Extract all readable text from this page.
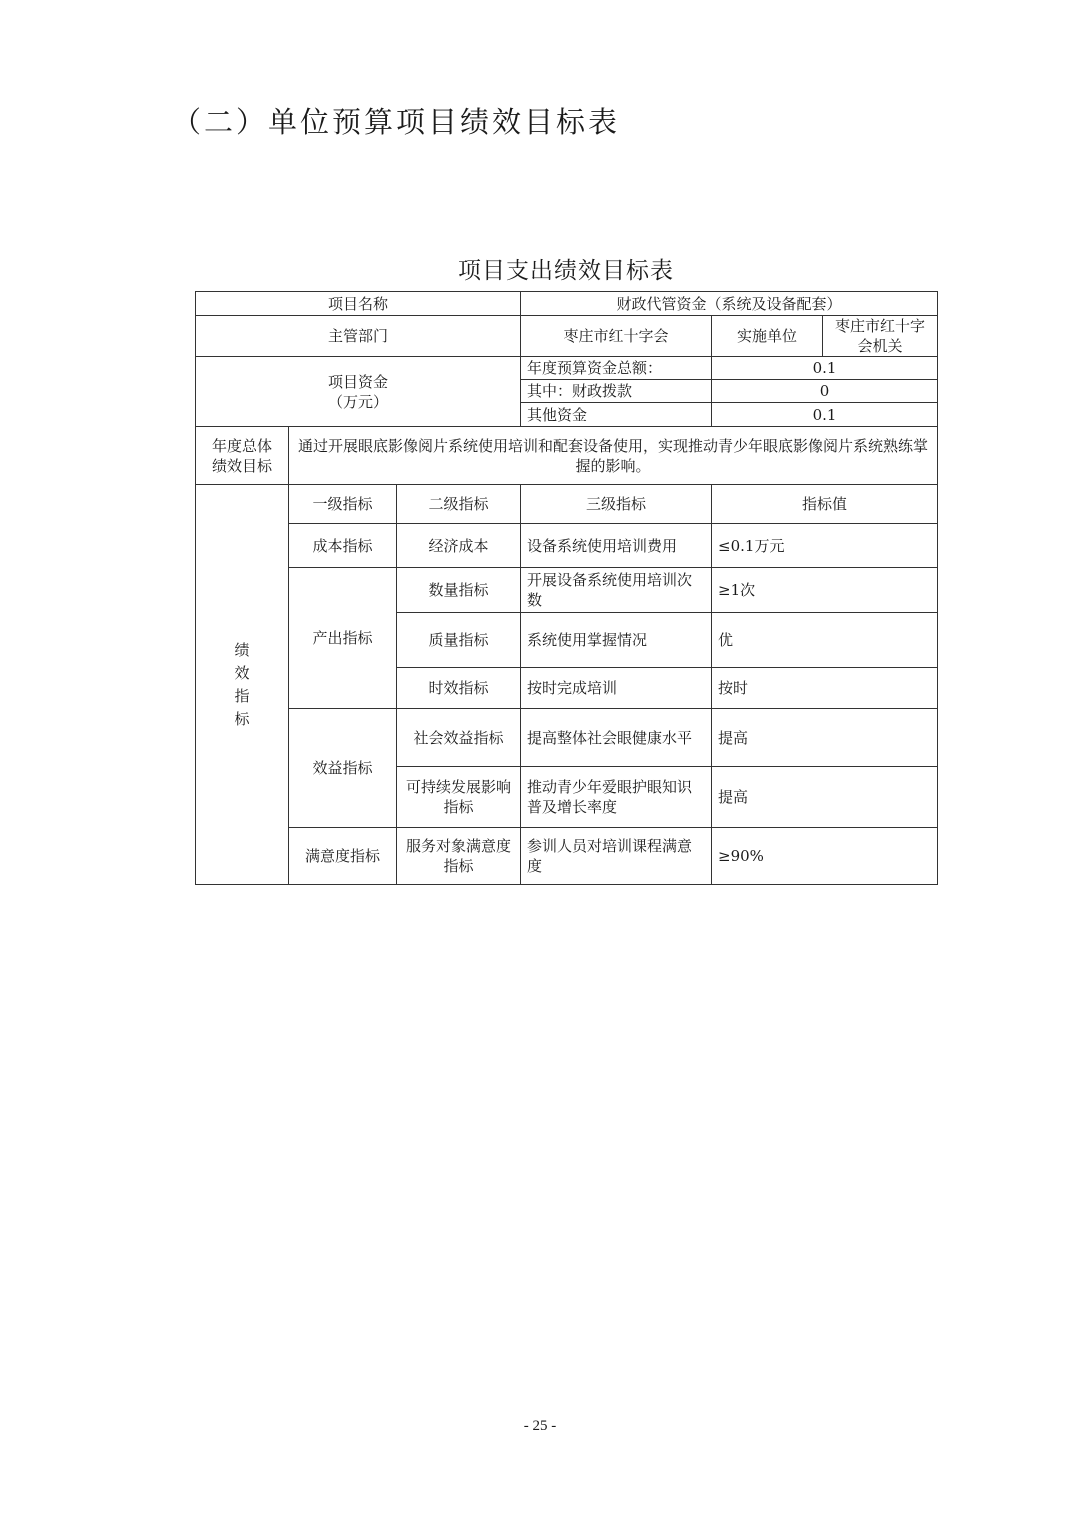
（二）单位预算项目绩效目标表
项目支出绩效目标表
项目名称			财政代管资金（系统及设备配套）		
主管部门			枣庄市红十字会	实施单位	枣庄市红十字会机关

项目资金
（万元）			年度预算资金总额：	0.1	
			其中：财政拨款	0	
			其他资金	0.1	

年度总体
绩效目标	通过开展眼底影像阅片系统使用培训和配套设备使用，实现推动青少年眼底影像阅片系统熟练掌握的影响。				
绩效指标	一级指标	二级指标	三级指标	指标值	
	成本指标	经济成本	设备系统使用培训费用	≤0.1万元	
	产出指标	数量指标	开展设备系统使用培训次数	≥1次	
		质量指标	系统使用掌握情况	优	
		时效指标	按时完成培训	按时	
	效益指标	社会效益指标	提高整体社会眼健康水平	提高	
		可持续发展影响指标	推动青少年爱眼护眼知识普及增长率度	提高	
	满意度指标	服务对象满意度指标	参训人员对培训课程满意度	≥90%	
- 25 -
